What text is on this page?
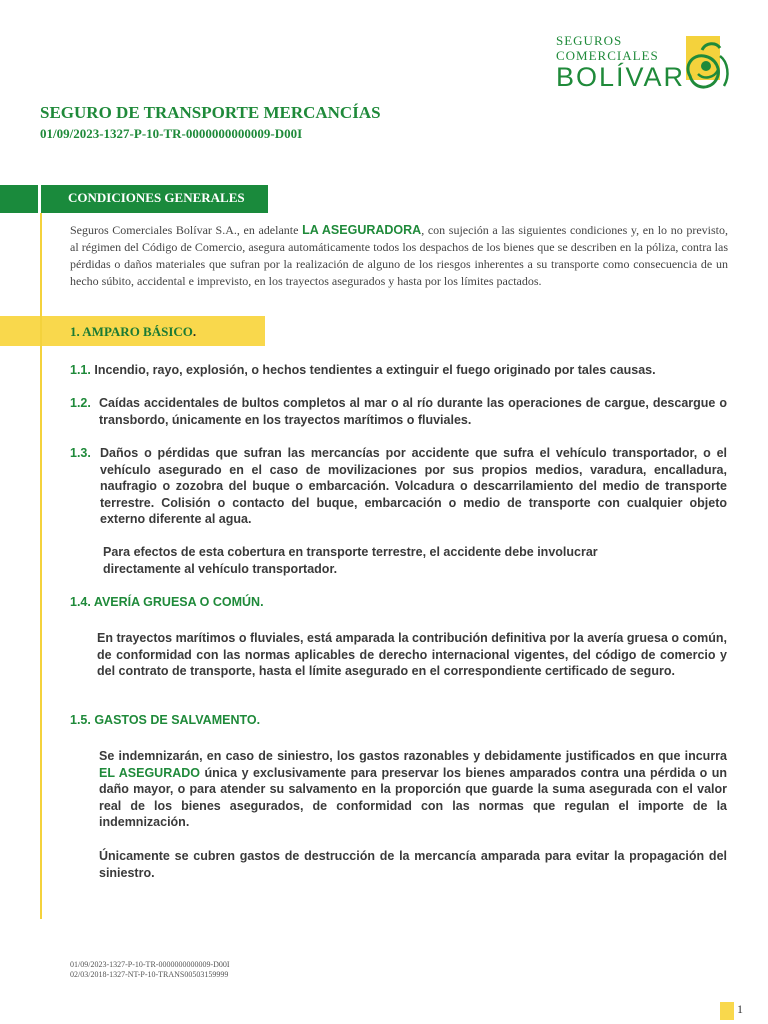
SEGUROS
COMERCIALES
BOLÍVAR
SEGURO DE TRANSPORTE MERCANCÍAS
01/09/2023-1327-P-10-TR-0000000000009-D00I
CONDICIONES GENERALES
Seguros Comerciales Bolívar S.A., en adelante LA ASEGURADORA, con sujeción a las siguientes condiciones y, en lo no previsto, al régimen del Código de Comercio, asegura automáticamente todos los despachos de los bienes que se describen en la póliza, contra las pérdidas o daños materiales que sufran por la realización de alguno de los riesgos inherentes a su transporte como consecuencia de un hecho súbito, accidental e imprevisto, en los trayectos asegurados y hasta por los límites pactados.
1. AMPARO BÁSICO.
1.1. Incendio, rayo, explosión, o hechos tendientes a extinguir el fuego originado por tales causas.
1.2. Caídas accidentales de bultos completos al mar o al río durante las operaciones de cargue, descargue o transbordo, únicamente en los trayectos marítimos o fluviales.
1.3. Daños o pérdidas que sufran las mercancías por accidente que sufra el vehículo transportador, o el vehículo asegurado en el caso de movilizaciones por sus propios medios, varadura, encalladura, naufragio o zozobra del buque o embarcación. Volcadura o descarrilamiento del medio de transporte terrestre. Colisión o contacto del buque, embarcación o medio de transporte con cualquier objeto externo diferente al agua.
Para efectos de esta cobertura en transporte terrestre, el accidente debe involucrar directamente al vehículo transportador.
1.4. AVERÍA GRUESA O COMÚN.
En trayectos marítimos o fluviales, está amparada la contribución definitiva por la avería gruesa o común, de conformidad con las normas aplicables de derecho internacional vigentes, del código de comercio y del contrato de transporte, hasta el límite asegurado en el correspondiente certificado de seguro.
1.5. GASTOS DE SALVAMENTO.
Se indemnizarán, en caso de siniestro, los gastos razonables y debidamente justificados en que incurra EL ASEGURADO única y exclusivamente para preservar los bienes amparados contra una pérdida o un daño mayor, o para atender su salvamento en la proporción que guarde la suma asegurada con el valor real de los bienes asegurados, de conformidad con las normas que regulan el importe de la indemnización.
Únicamente se cubren gastos de destrucción de la mercancía amparada para evitar la propagación del siniestro.
01/09/2023-1327-P-10-TR-0000000000009-D00I
02/03/2018-1327-NT-P-10-TRANS00503159999
1
